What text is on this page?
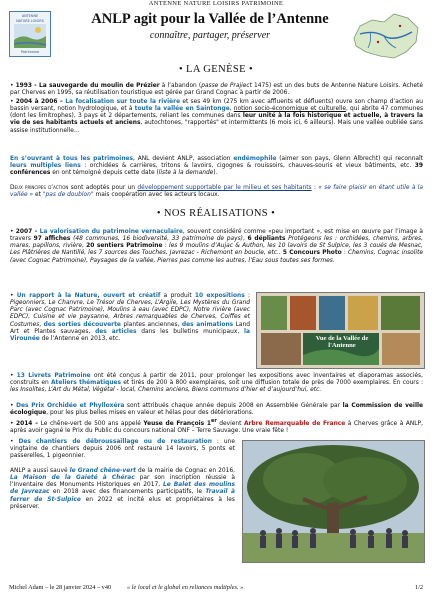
ANTENNE NATURE LOISIRS PATRIMOINE
ANTENNE
NATURE LOISIRS
Patrimoine
ANLP agit pour la Vallée de l’Antenne
connaître, partager, préserver
• LA GENÈSE •
• 1993 - La sauvegarde du moulin de Prézier à l’abandon (passe de Prajiect 1475) est un des buts de Antenne Nature Loisirs. Acheté par Cherves en 1995, sa réutilisation touristique est gérée par Grand Cognac à partir de 2006.
• 2004 à 2006 – La focalisation sur toute la rivière et ses 49 km (275 km avec affluents et défluents) ouvre son champ d’action au bassin versant, notion hydrologique, et à toute la vallée en Saintonge, notion socio-économique et culturelle, qui abrite 47 communes (dont les limitrophes), 3 pays et 2 départements, reliant les communes dans leur unité à la fois historique et actuelle, à travers la vie de ses habitants actuels et anciens, autochtones, "rapportés" et intermittents (6 mois ici, 6 ailleurs). Mais une vallée oubliée sans assise institutionnelle…
En s’ouvrant à tous les patrimoines, ANL devient ANLP, association endémophile (aimer son pays, Glenn Albrecht) qui reconnaît leurs multiples liens : orchidées & carrières, tritons & lavoirs, cigognes & rouissoirs, chauves-souris et vieux bâtiments, etc. 39 conférences en ont témoigné depuis cette date (liste à la demande).
Deux principes d’action sont adoptés pour un développement supportable par le milieu et ses habitants : « se faire plaisir en étant utile à la vallée » et "pas de doublon" mais coopération avec les acteurs locaux.
• NOS RÉALISATIONS •
• 2007 - La valorisation du patrimoine vernaculaire, souvent considéré comme «peu important », est mise en œuvre par l’image à travers 97 affiches (48 communes, 16 biodiversité, 33 patrimoine de pays), 6 dépliants Protégeons les : orchidées, chemins, arbres, mares, papillons, rivière, 20 sentiers Patrimoine : les 9 moulins d’Aujac & Authon, les 10 lavoirs de St Sulpice, les 3 coués de Mesnac, Les Plâtrières de Nantillé, les 7 sources des Touches, Javrezac - Richemont en boucle, etc.. 5 Concours Photo : Chemins, Cognac insolite (avec Cognac Patrimoine), Paysages de la vallée, Pierres pas comme les autres, l’Eau sous toutes ses formes.
• Un rapport à la Nature, ouvert et créatif a produit 10 expositions : Pigeonniers, Le Chanvre, Le Trésor de Cherves, L’Argile, Les Mystères du Grand Parc (avec Cognac Patrimoine), Moulins à eau (avec EDPC), Notre rivière (avec EDPC), Cuisine et vie paysanne, Arbres remarquables de Cherves, Coiffes et Costumes, des sorties découverte plantes anciennes, des animations Land Art et Plantes sauvages, des articles dans les bulletins municipaux, la Virounée de l’Antenne en 2013, etc.	Vue de la Vallée de l'Antenne
• 13 Livrets Patrimoine ont été conçus à partir de 2011, pour prolonger les expositions avec inventaires et diaporamas associés, construits en Ateliers thématiques et tirés de 200 à 800 exemplaires, soit une diffusion totale de près de 7000 exemplaires. En cours : les Insolites, L’Art du Métal, Végétal - local, Chemins anciens, Biens communs d’hier et d’aujourd’hui, etc.
• Des Prix Orchidée et Phylloxéra sont attribués chaque année depuis 2008 en Assemblée Générale par la Commission de veille écologique, pour les plus belles mises en valeur et hélas pour des détériorations.
• 2014 – Le chêne-vert de 500 ans appelé Yeuse de François 1er devient Arbre Remarquable de France à Cherves grâce à ANLP, après avoir gagné le Prix du Public du concours national ONF – Terre Sauvage. Une vraie fête !
• Des chantiers de débroussaillage ou de restauration : une vingtaine de chantiers depuis 2006 ont restauré 14 lavoirs, 5 ponts et passerelles, 1 pigeonnier.
ANLP a aussi sauvé le Grand chêne-vert de la mairie de Cognac en 2016, La Maison de la Gaieté à Chérac par son inscription réussie à l’Inventaire des Monuments Historiques en 2017, Le Balet des moulins de Javrezac en 2018 avec des financements participatifs, le Travail à ferrer de St-Sulpice en 2022 et incité elus et propriétaires à les préserver.
Michel Adam – le 28 janvier 2024 – v40	« le local et le global en reliances multiples. »	1/2
